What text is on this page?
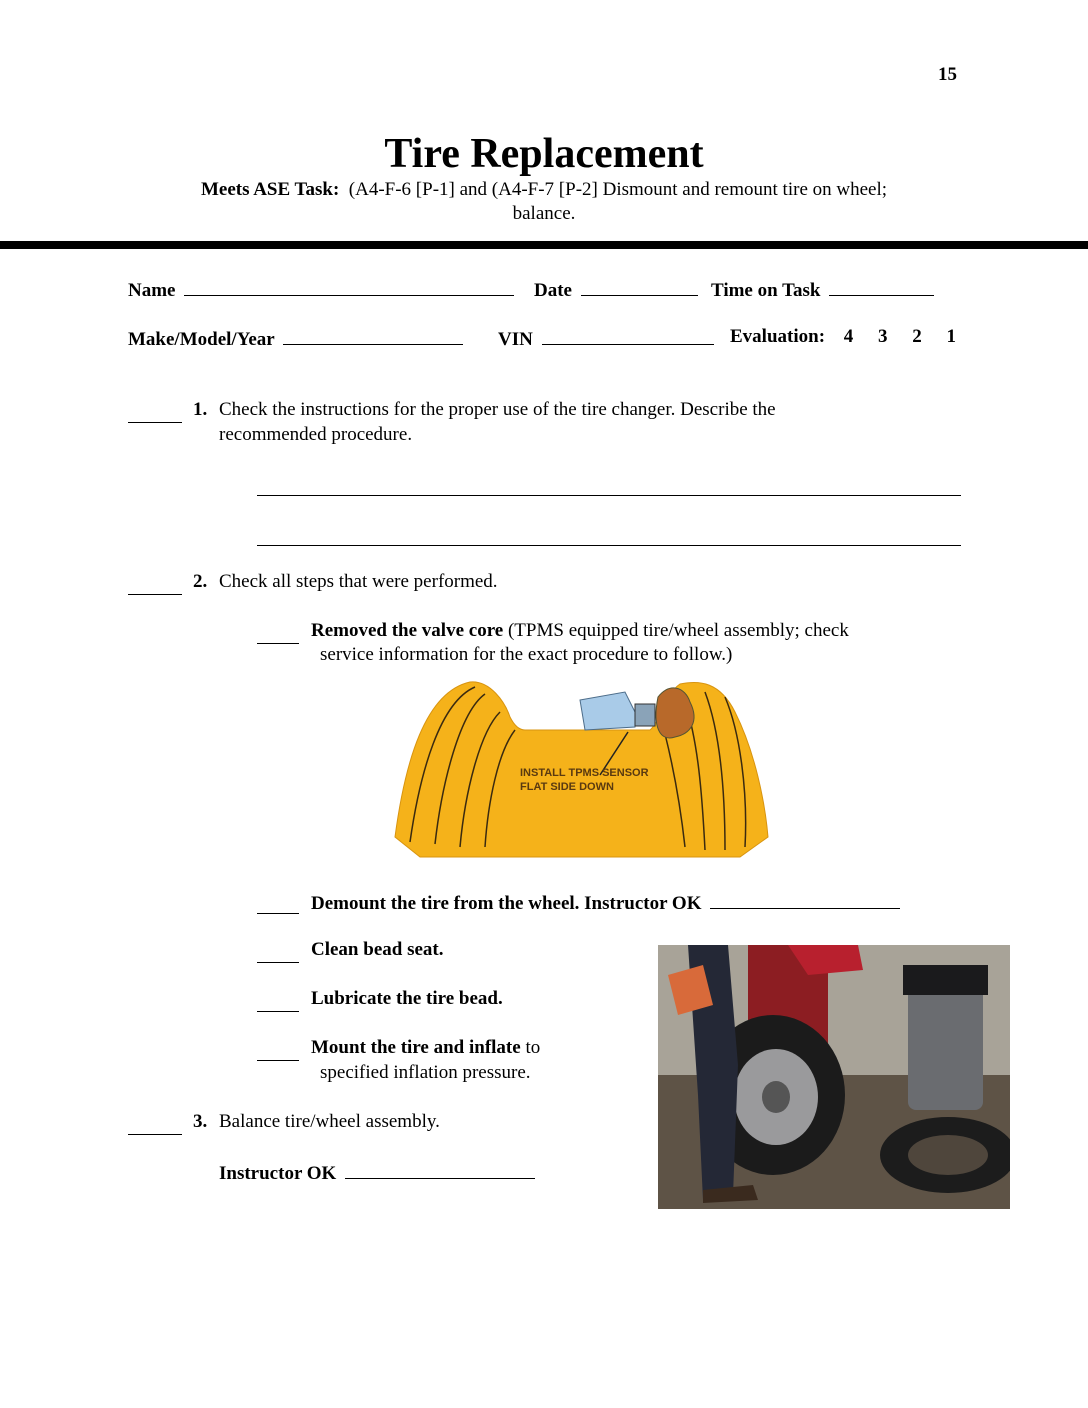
15
Tire Replacement
Meets ASE Task: (A4-F-6 [P-1] and (A4-F-7 [P-2] Dismount and remount tire on wheel;
balance.
Name	Date	Time on Task
Make/Model/Year	VIN	Evaluation: 4 3 2 1
1. Check the instructions for the proper use of the tire changer. Describe the
recommended procedure.
2. Check all steps that were performed.
Removed the valve core (TPMS equipped tire/wheel assembly; check
service information for the exact procedure to follow.)
INSTALL TPMS SENSOR
FLAT SIDE DOWN
Demount the tire from the wheel. Instructor OK
Clean bead seat.
Lubricate the tire bead.
Mount the tire and inflate to
specified inflation pressure.
3. Balance tire/wheel assembly.
Instructor OK
